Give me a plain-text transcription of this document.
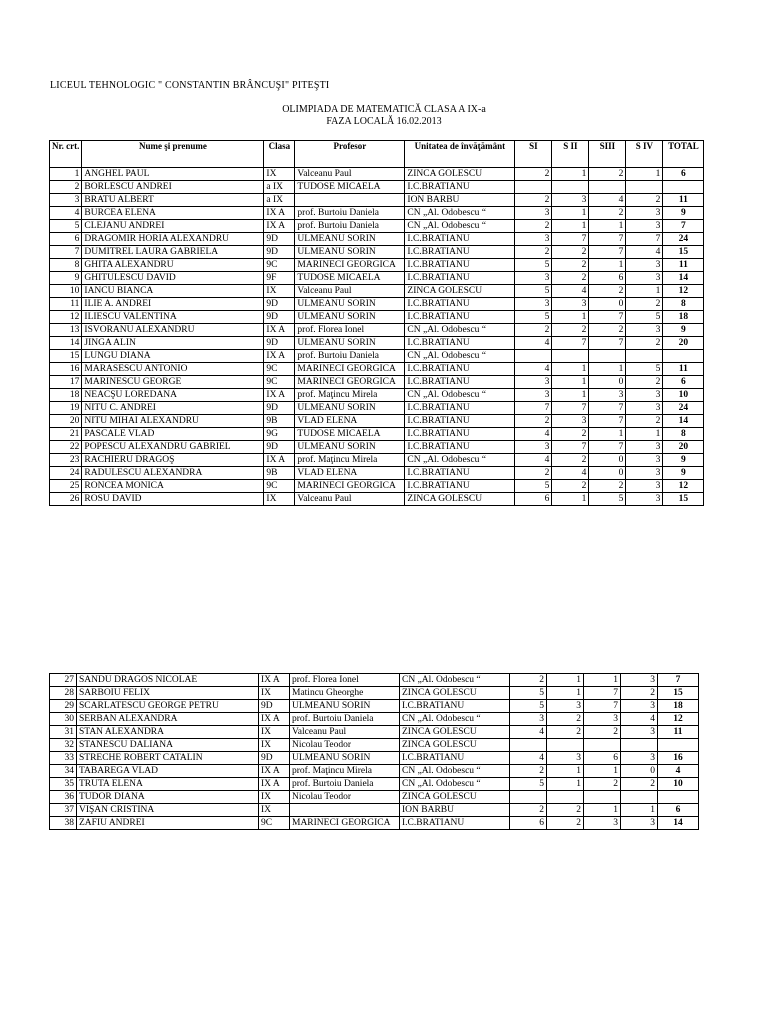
LICEUL TEHNOLOGIC " CONSTANTIN BRÂNCUŞI" PITEŞTI
OLIMPIADA DE MATEMATICĂ CLASA A IX-a
FAZA LOCALĂ 16.02.2013
Nr. crt.	Nume şi prenume	Clasa	Profesor	Unitatea de învăţământ	SI	S II	SIII	S IV	TOTAL
1	ANGHEL PAUL	IX	Valceanu Paul	ZINCA GOLESCU	2	1	2	1	6
2	BORLESCU ANDREI	a IX	TUDOSE MICAELA	I.C.BRATIANU					
3	BRATU ALBERT	a IX		ION BARBU	2	3	4	2	11
4	BURCEA ELENA	IX A	prof. Burtoiu Daniela	CN „Al. Odobescu “	3	1	2	3	9
5	CLEJANU ANDREI	IX A	prof. Burtoiu Daniela	CN „Al. Odobescu “	2	1	1	3	7
6	DRAGOMIR HORIA ALEXANDRU	9D	ULMEANU SORIN	I.C.BRATIANU	3	7	7	7	24
7	DUMITREL LAURA GABRIELA	9D	ULMEANU SORIN	I.C.BRATIANU	2	2	7	4	15
8	GHITA ALEXANDRU	9C	MARINECI GEORGICA	I.C.BRATIANU	5	2	1	3	11
9	GHITULESCU DAVID	9F	TUDOSE MICAELA	I.C.BRATIANU	3	2	6	3	14
10	IANCU BIANCA	IX	Valceanu Paul	ZINCA GOLESCU	5	4	2	1	12
11	ILIE A. ANDREI	9D	ULMEANU SORIN	I.C.BRATIANU	3	3	0	2	8
12	ILIESCU VALENTINA	9D	ULMEANU SORIN	I.C.BRATIANU	5	1	7	5	18
13	ISVORANU ALEXANDRU	IX A	prof. Florea Ionel	CN „Al. Odobescu “	2	2	2	3	9
14	JINGA ALIN	9D	ULMEANU SORIN	I.C.BRATIANU	4	7	7	2	20
15	LUNGU DIANA	IX A	prof. Burtoiu Daniela	CN „Al. Odobescu “					
16	MARASESCU ANTONIO	9C	MARINECI GEORGICA	I.C.BRATIANU	4	1	1	5	11
17	MARINESCU GEORGE	9C	MARINECI GEORGICA	I.C.BRATIANU	3	1	0	2	6
18	NEACŞU LOREDANA	IX A	prof. Maţincu Mirela	CN „Al. Odobescu “	3	1	3	3	10
19	NITU C. ANDREI	9D	ULMEANU SORIN	I.C.BRATIANU	7	7	7	3	24
20	NITU MIHAI ALEXANDRU	9B	VLAD ELENA	I.C.BRATIANU	2	3	7	2	14
21	PASCALE VLAD	9G	TUDOSE MICAELA	I.C.BRATIANU	4	2	1	1	8
22	POPESCU ALEXANDRU GABRIEL	9D	ULMEANU SORIN	I.C.BRATIANU	3	7	7	3	20
23	RACHIERU DRAGOŞ	IX A	prof. Maţincu Mirela	CN „Al. Odobescu “	4	2	0	3	9
24	RADULESCU ALEXANDRA	9B	VLAD ELENA	I.C.BRATIANU	2	4	0	3	9
25	RONCEA MONICA	9C	MARINECI GEORGICA	I.C.BRATIANU	5	2	2	3	12
26	ROSU DAVID	IX	Valceanu Paul	ZINCA GOLESCU	6	1	5	3	15
27	SANDU DRAGOS NICOLAE	IX A	prof. Florea Ionel	CN „Al. Odobescu “	2	1	1	3	7
28	SARBOIU FELIX	IX	Matincu Gheorghe	ZINCA GOLESCU	5	1	7	2	15
29	SCARLATESCU GEORGE PETRU	9D	ULMEANU SORIN	I.C.BRATIANU	5	3	7	3	18
30	SERBAN ALEXANDRA	IX A	prof. Burtoiu Daniela	CN „Al. Odobescu “	3	2	3	4	12
31	STAN ALEXANDRA	IX	Valceanu Paul	ZINCA GOLESCU	4	2	2	3	11
32	STANESCU DALIANA	IX	Nicolau Teodor	ZINCA GOLESCU					
33	STRECHE ROBERT CATALIN	9D	ULMEANU SORIN	I.C.BRATIANU	4	3	6	3	16
34	TABAREGA VLAD	IX A	prof. Maţincu Mirela	CN „Al. Odobescu “	2	1	1	0	4
35	TRUTA ELENA	IX A	prof. Burtoiu Daniela	CN „Al. Odobescu “	5	1	2	2	10
36	TUDOR DIANA	IX	Nicolau Teodor	ZINCA GOLESCU					
37	VIŞAN CRISTINA	IX		ION BARBU	2	2	1	1	6
38	ZAFIU ANDREI	9C	MARINECI GEORGICA	I.C.BRATIANU	6	2	3	3	14
